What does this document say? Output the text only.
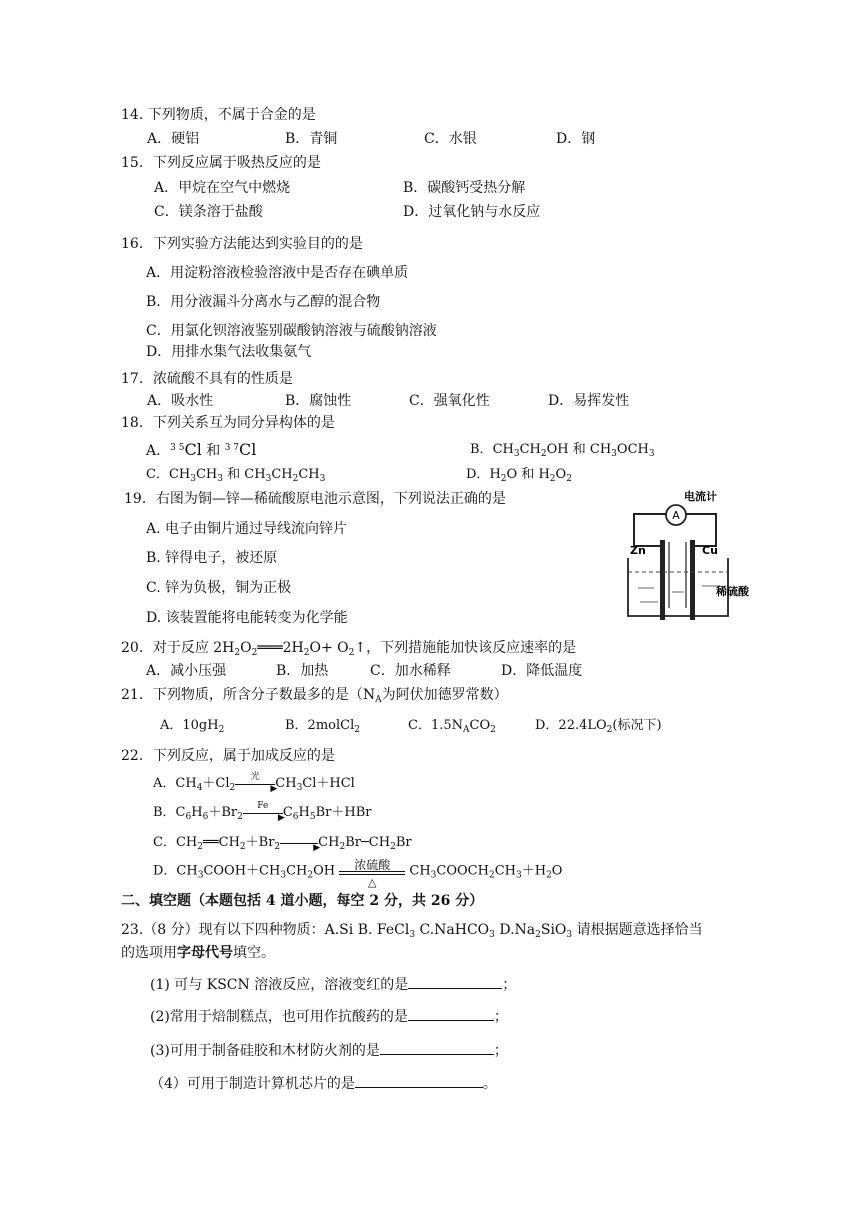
14. 下列物质，不属于合金的是
A．硬铝	B．青铜	C．水银	D．钢
15．下列反应属于吸热反应的是
A．甲烷在空气中燃烧	B．碳酸钙受热分解
C．镁条溶于盐酸	D．过氧化钠与水反应
16．下列实验方法能达到实验目的的是
A．用淀粉溶液检验溶液中是否存在碘单质
B．用分液漏斗分离水与乙醇的混合物
C．用氯化钡溶液鉴别碳酸钠溶液与硫酸钠溶液
D．用排水集气法收集氨气
17．浓硫酸不具有的性质是
A．吸水性	B．腐蚀性	C．强氧化性	D．易挥发性
18．下列关系互为同分异构体的是
A．$^{3 5}$Cl 和 $^{3 7}$Cl	B．$CH_3CH_2OH$ 和 $CH_3OCH_3$
C．$CH_3CH_3$ 和 $CH_3CH_2CH_3$	D．$H_2O$ 和 $H_2O_2$
19．右图为铜—锌—稀硫酸原电池示意图，下列说法正确的是
A. 电子由铜片通过导线流向锌片
B. 锌得电子，被还原
C. 锌为负极，铜为正极
D. 该装置能将电能转变为化学能
A
电流计
Zn	Cu
稀硫酸
20．对于反应 $2H_2O_2═══2H_2O+$ $O_2↑$，下列措施能加快该反应速率的是
A．减小压强	B．加热	C．加水稀释	D．降低温度
21．下列物质，所含分子数最多的是（$N_A$为阿伏加德罗常数）
A．$10gH_2$	B．2molCl$_2$	C．$1.5N_ACO_2$	D．$22.4LO_2$(标况下)
22．下列反应，属于加成反应的是
A．$CH_4+Cl_2$
光
▶
$CH_3Cl+HCl$
B．$C_6H_6+Br_2$
Fe
▶
$C_6H_5Br+HBr$
C．$CH_2══CH_2+Br_2$	▶
$CH_2Br─CH_2Br$
D．$CH_3COOH+CH_3CH_2OH$	浓硫酸
△
$CH_3COOCH_2CH_3+H_2O$
二、填空题（本题包括 4 道小题，每空 2 分，共 26 分）
23.（8 分）现有以下四种物质：A.Si B. FeCl$_3$ C.NaHCO$_3$ $D.Na_2SiO_3$ 请根据题意选择恰当
的选项用字母代号填空。
(1) 可与 KSCN 溶液反应，溶液变红的是	；
(2)常用于焙制糕点，也可用作抗酸药的是	；
(3)可用于制备硅胶和木材防火剂的是	；
（4）可用于制造计算机芯片的是	。
